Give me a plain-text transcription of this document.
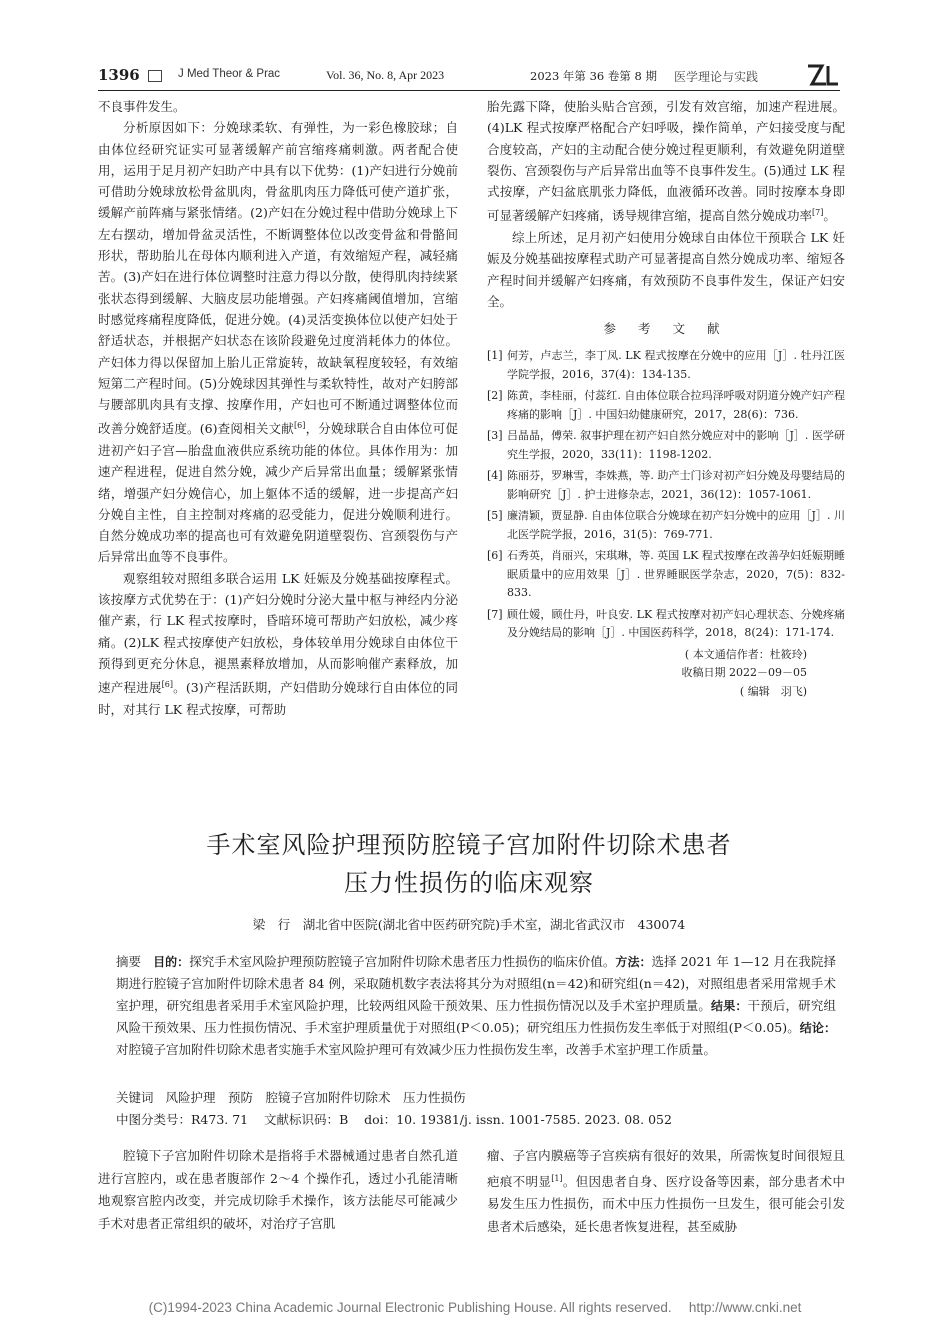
1396	J Med Theor & Prac	Vol. 36, No. 8, Apr 2023	2023 年第 36 卷第 8 期 医学理论与实践

不良事件发生。

分析原因如下：分娩球柔软、有弹性，为一彩色橡胶球；自由体位经研究证实可显著缓解产前宫缩疼痛刺激。两者配合使用，运用于足月初产妇助产中具有以下优势：(1)产妇进行分娩前可借助分娩球放松骨盆肌肉，骨盆肌肉压力降低可使产道扩张，缓解产前阵痛与紧张情绪。(2)产妇在分娩过程中借助分娩球上下左右摆动，增加骨盆灵活性，不断调整体位以改变骨盆和骨骼间形状，帮助胎儿在母体内顺利进入产道，有效缩短产程，减轻痛苦。(3)产妇在进行体位调整时注意力得以分散，使得肌肉持续紧张状态得到缓解、大脑皮层功能增强。产妇疼痛阈值增加，宫缩时感觉疼痛程度降低，促进分娩。(4)灵活变换体位以使产妇处于舒适状态，并根据产妇状态在该阶段避免过度消耗体力的体位。产妇体力得以保留加上胎儿正常旋转，故缺氧程度较轻，有效缩短第二产程时间。(5)分娩球因其弹性与柔软特性，故对产妇胯部与腰部肌肉具有支撑、按摩作用，产妇也可不断通过调整体位而改善分娩舒适度。(6)查阅相关文献[6]，分娩球联合自由体位可促进初产妇子宫—胎盘血液供应系统功能的体位。具体作用为：加速产程进程，促进自然分娩，减少产后异常出血量；缓解紧张情绪，增强产妇分娩信心，加上躯体不适的缓解，进一步提高产妇分娩自主性，自主控制对疼痛的忍受能力，促进分娩顺利进行。自然分娩成功率的提高也可有效避免阴道壁裂伤、宫颈裂伤与产后异常出血等不良事件。

观察组较对照组多联合运用 LK 妊娠及分娩基础按摩程式。该按摩方式优势在于：(1)产妇分娩时分泌大量中枢与神经内分泌催产素，行 LK 程式按摩时，昏暗环境可帮助产妇放松，减少疼痛。(2)LK 程式按摩使产妇放松，身体较单用分娩球自由体位干预得到更充分休息，褪黑素释放增加，从而影响催产素释放，加速产程进展[6]。(3)产程活跃期，产妇借助分娩球行自由体位的同时，对其行 LK 程式按摩，可帮助

胎先露下降，使胎头贴合宫颈，引发有效宫缩，加速产程进展。(4)LK 程式按摩严格配合产妇呼吸，操作简单，产妇接受度与配合度较高，产妇的主动配合使分娩过程更顺利，有效避免阴道壁裂伤、宫颈裂伤与产后异常出血等不良事件发生。(5)通过 LK 程式按摩，产妇盆底肌张力降低，血液循环改善。同时按摩本身即可显著缓解产妇疼痛，诱导规律宫缩，提高自然分娩成功率[7]。

综上所述，足月初产妇使用分娩球自由体位干预联合 LK 妊娠及分娩基础按摩程式助产可显著提高自然分娩成功率、缩短各产程时间并缓解产妇疼痛，有效预防不良事件发生，保证产妇安全。

参 考 文 献
[1] 何芳，卢志兰，李丁凤. LK 程式按摩在分娩中的应用［J］. 牡丹江医学院学报，2016，37(4)：134-135.
[2] 陈黄，李桂丽，付蕊红. 自由体位联合拉玛泽呼吸对阴道分娩产妇产程疼痛的影响［J］. 中国妇幼健康研究，2017，28(6)：736.
[3] 吕晶晶，傅荣. 叙事护理在初产妇自然分娩应对中的影响［J］. 医学研究生学报，2020，33(11)：1198-1202.
[4] 陈丽芬，罗琳雪，李姝燕，等. 助产士门诊对初产妇分娩及母婴结局的影响研究［J］. 护士进修杂志，2021，36(12)：1057-1061.
[5] 廉清颖，贾显静. 自由体位联合分娩球在初产妇分娩中的应用［J］. 川北医学院学报，2016，31(5)：769-771.
[6] 石秀英，肖丽兴，宋琪琳，等. 英国 LK 程式按摩在改善孕妇妊娠期睡眠质量中的应用效果［J］. 世界睡眠医学杂志，2020，7(5)：832-833.
[7] 顾仕嫒，顾仕丹，叶良安. LK 程式按摩对初产妇心理状态、分娩疼痛及分娩结局的影响［J］. 中国医药科学，2018，8(24)：171-174.
( 本文通信作者：杜筱玲)
收稿日期 2022－09－05
( 编辑　羽飞)
手术室风险护理预防腔镜子宫加附件切除术患者
压力性损伤的临床观察
梁　行　湖北省中医院(湖北省中医药研究院)手术室，湖北省武汉市　430074
摘要 目的：探究手术室风险护理预防腔镜子宫加附件切除术患者压力性损伤的临床价值。方法：选择 2021 年 1—12 月在我院择期进行腔镜子宫加附件切除术患者 84 例，采取随机数字表法将其分为对照组(n＝42)和研究组(n＝42)，对照组患者采用常规手术室护理，研究组患者采用手术室风险护理，比较两组风险干预效果、压力性损伤情况以及手术室护理质量。结果：干预后，研究组风险干预效果、压力性损伤情况、手术室护理质量优于对照组(P＜0.05)；研究组压力性损伤发生率低于对照组(P＜0.05)。结论：对腔镜子宫加附件切除术患者实施手术室风险护理可有效减少压力性损伤发生率，改善手术室护理工作质量。
关键词 风险护理　预防　腔镜子宫加附件切除术　压力性损伤
中图分类号：R473. 71 文献标识码：B doi：10. 19381/j. issn. 1001-7585. 2023. 08. 052

腔镜下子宫加附件切除术是指将手术器械通过患者自然孔道进行宫腔内，或在患者腹部作 2～4 个操作孔，透过小孔能清晰地观察宫腔内改变，并完成切除手术操作，该方法能尽可能减少手术对患者正常组织的破坏，对治疗子宫肌

瘤、子宫内膜癌等子宫疾病有很好的效果，所需恢复时间很短且疤痕不明显[1]。但因患者自身、医疗设备等因素，部分患者术中易发生压力性损伤，而术中压力性损伤一旦发生，很可能会引发患者术后感染，延长患者恢复进程，甚至威胁

(C)1994-2023 China Academic Journal Electronic Publishing House. All rights reserved.　 http://www.cnki.net
